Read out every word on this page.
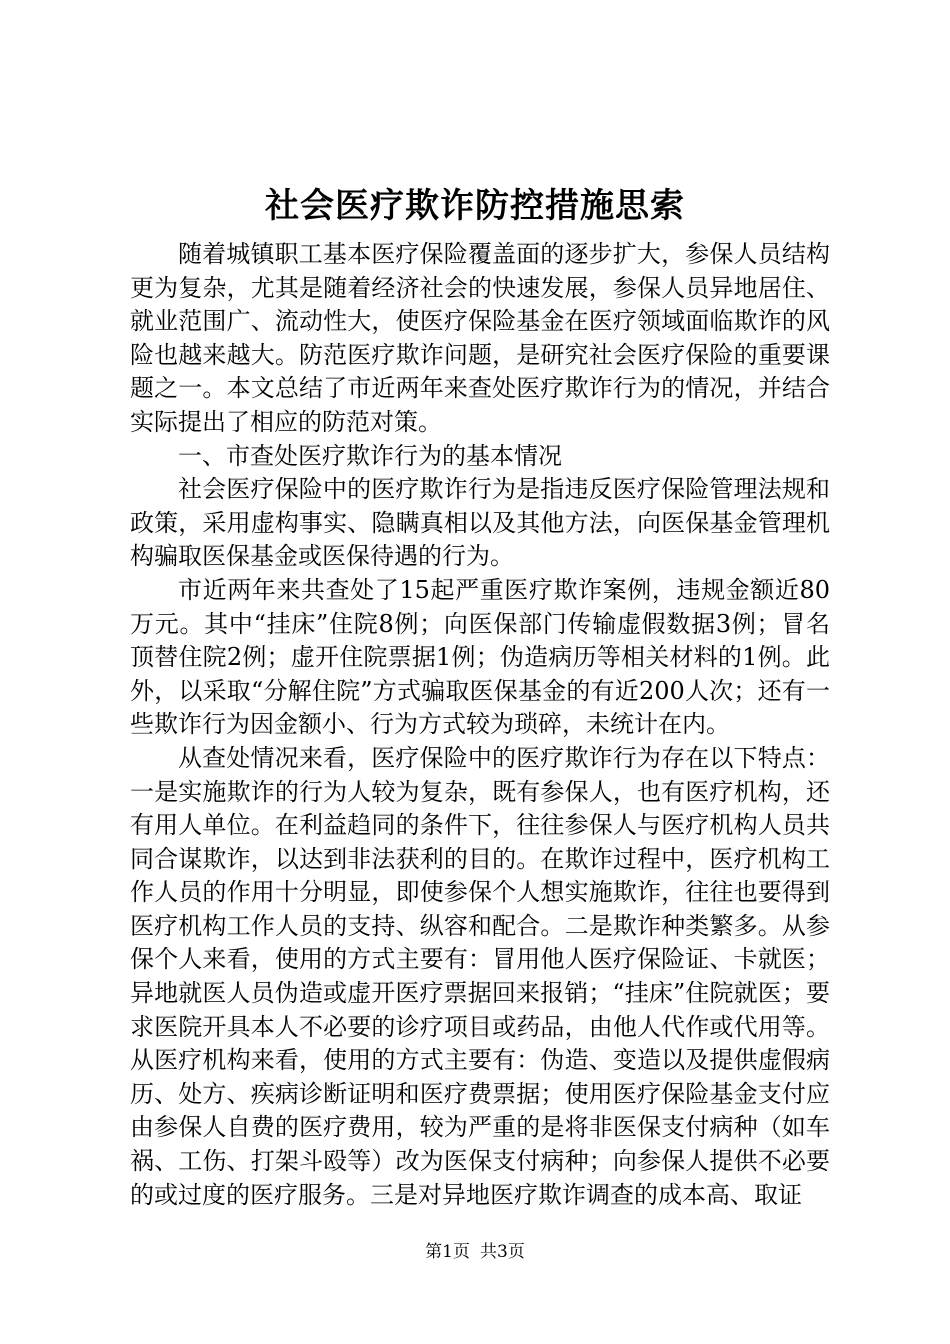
社会医疗欺诈防控措施思索

随着城镇职工基本医疗保险覆盖面的逐步扩大，参保人员结构更为复杂，尤其是随着经济社会的快速发展，参保人员异地居住、就业范围广、流动性大，使医疗保险基金在医疗领域面临欺诈的风险也越来越大。防范医疗欺诈问题，是研究社会医疗保险的重要课题之一。本文总结了市近两年来查处医疗欺诈行为的情况，并结合实际提出了相应的防范对策。

一、市查处医疗欺诈行为的基本情况

社会医疗保险中的医疗欺诈行为是指违反医疗保险管理法规和政策，采用虚构事实、隐瞒真相以及其他方法，向医保基金管理机构骗取医保基金或医保待遇的行为。

市近两年来共查处了15起严重医疗欺诈案例，违规金额近80万元。其中“挂床”住院8例；向医保部门传输虚假数据3例；冒名顶替住院2例；虚开住院票据1例；伪造病历等相关材料的1例。此外，以采取“分解住院”方式骗取医保基金的有近200人次；还有一些欺诈行为因金额小、行为方式较为琐碎，未统计在内。

从查处情况来看，医疗保险中的医疗欺诈行为存在以下特点：一是实施欺诈的行为人较为复杂，既有参保人，也有医疗机构，还有用人单位。在利益趋同的条件下，往往参保人与医疗机构人员共同合谋欺诈，以达到非法获利的目的。在欺诈过程中，医疗机构工作人员的作用十分明显，即使参保个人想实施欺诈，往往也要得到医疗机构工作人员的支持、纵容和配合。二是欺诈种类繁多。从参保个人来看，使用的方式主要有：冒用他人医疗保险证、卡就医；异地就医人员伪造或虚开医疗票据回来报销；“挂床”住院就医；要求医院开具本人不必要的诊疗项目或药品，由他人代作或代用等。从医疗机构来看，使用的方式主要有：伪造、变造以及提供虚假病历、处方、疾病诊断证明和医疗费票据；使用医疗保险基金支付应由参保人自费的医疗费用，较为严重的是将非医保支付病种（如车祸、工伤、打架斗殴等）改为医保支付病种；向参保人提供不必要的或过度的医疗服务。三是对异地医疗欺诈调查的成本高、取证

第1页 共3页
